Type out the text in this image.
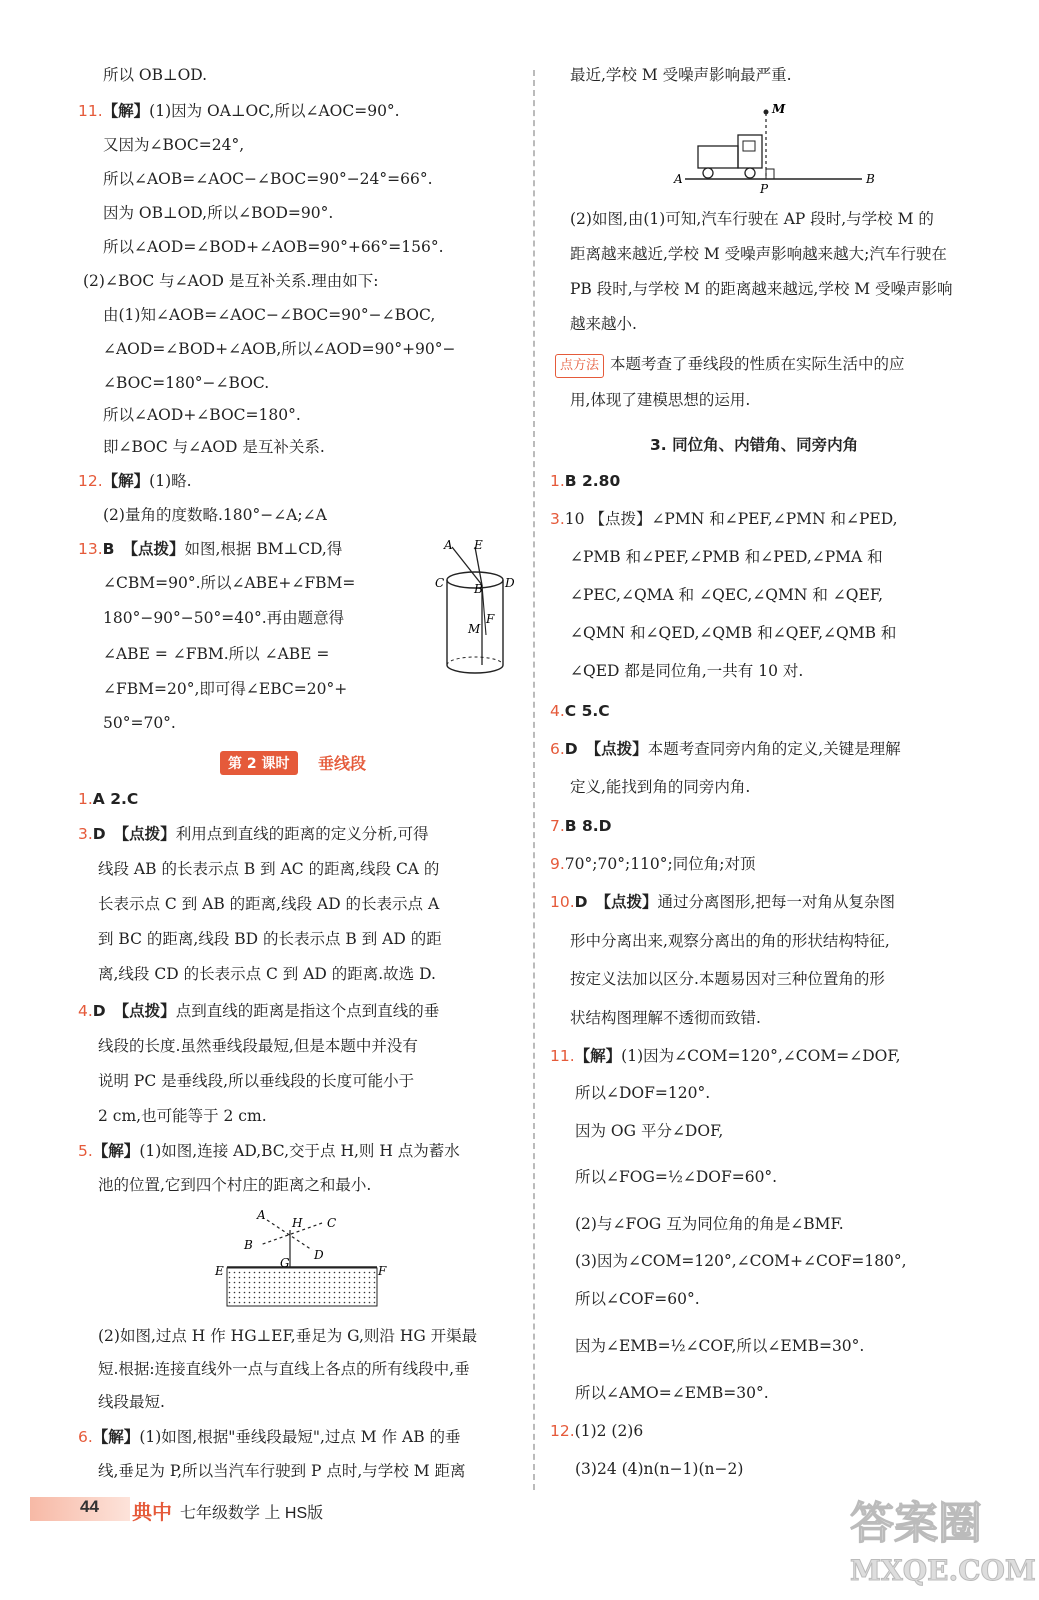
所以 OB⊥OD.
11.【解】(1)因为 OA⊥OC,所以∠AOC=90°.
又因为∠BOC=24°,
所以∠AOB=∠AOC−∠BOC=90°−24°=66°.
因为 OB⊥OD,所以∠BOD=90°.
所以∠AOD=∠BOD+∠AOB=90°+66°=156°.
(2)∠BOC 与∠AOD 是互补关系.理由如下:
由(1)知∠AOB=∠AOC−∠BOC=90°−∠BOC,
∠AOD=∠BOD+∠AOB,所以∠AOD=90°+90°−
∠BOC=180°−∠BOC.
所以∠AOD+∠BOC=180°.
即∠BOC 与∠AOD 是互补关系.
12.【解】(1)略.
(2)量角的度数略.180°−∠A;∠A
13.B 【点拨】如图,根据 BM⊥CD,得
∠CBM=90°.所以∠ABE+∠FBM=
180°−90°−50°=40°.再由题意得
∠ABE = ∠FBM.所以 ∠ABE =
∠FBM=20°,即可得∠EBC=20°+
50°=70°.
1.A 2.C
3.D 【点拨】利用点到直线的距离的定义分析,可得
线段 AB 的长表示点 B 到 AC 的距离,线段 CA 的
长表示点 C 到 AB 的距离,线段 AD 的长表示点 A
到 BC 的距离,线段 BD 的长表示点 B 到 AD 的距
离,线段 CD 的长表示点 C 到 AD 的距离.故选 D.
4.D 【点拨】点到直线的距离是指这个点到直线的垂
线段的长度.虽然垂线段最短,但是本题中并没有
说明 PC 是垂线段,所以垂线段的长度可能小于
2 cm,也可能等于 2 cm.
5.【解】(1)如图,连接 AD,BC,交于点 H,则 H 点为蓄水
池的位置,它到四个村庄的距离之和最小.
(2)如图,过点 H 作 HG⊥EF,垂足为 G,则沿 HG 开渠最
短.根据:连接直线外一点与直线上各点的所有线段中,垂
线段最短.
6.【解】(1)如图,根据"垂线段最短",过点 M 作 AB 的垂
线,垂足为 P,所以当汽车行驶到 P 点时,与学校 M 距离
最近,学校 M 受噪声影响最严重.
(2)如图,由(1)可知,汽车行驶在 AP 段时,与学校 M 的
距离越来越近,学校 M 受噪声影响越来越大;汽车行驶在
PB 段时,与学校 M 的距离越来越远,学校 M 受噪声影响
越来越小.
点方法 本题考查了垂线段的性质在实际生活中的应
用,体现了建模思想的运用.
1.B 2.80
3.10 【点拨】∠PMN 和∠PEF,∠PMN 和∠PED,
∠PMB 和∠PEF,∠PMB 和∠PED,∠PMA 和
∠PEC,∠QMA 和 ∠QEC,∠QMN 和 ∠QEF,
∠QMN 和∠QED,∠QMB 和∠QEF,∠QMB 和
∠QED 都是同位角,一共有 10 对.
4.C 5.C
6.D 【点拨】本题考查同旁内角的定义,关键是理解
定义,能找到角的同旁内角.
7.B 8.D
9.70°;70°;110°;同位角;对顶
10.D 【点拨】通过分离图形,把每一对角从复杂图
形中分离出来,观察分离出的角的形状结构特征,
按定义法加以区分.本题易因对三种位置角的形
状结构图理解不透彻而致错.
11.【解】(1)因为∠COM=120°,∠COM=∠DOF,
所以∠DOF=120°.
因为 OG 平分∠DOF,
所以∠FOG=½∠DOF=60°.
(2)与∠FOG 互为同位角的角是∠BMF.
(3)因为∠COM=120°,∠COM+∠COF=180°,
所以∠COF=60°.
因为∠EMB=½∠COF,所以∠EMB=30°.
所以∠AMO=∠EMB=30°.
12.(1)2 (2)6
(3)24 (4)n(n−1)(n−2)
第 2 课时	垂线段
3. 同位角、内错角、同旁内角
A E
C B D
M
F
A
H C
B
D
G
E	F
M
A
P
B
44 典中 七年级数学 上 HS版	答案圈
MXQE.COM
